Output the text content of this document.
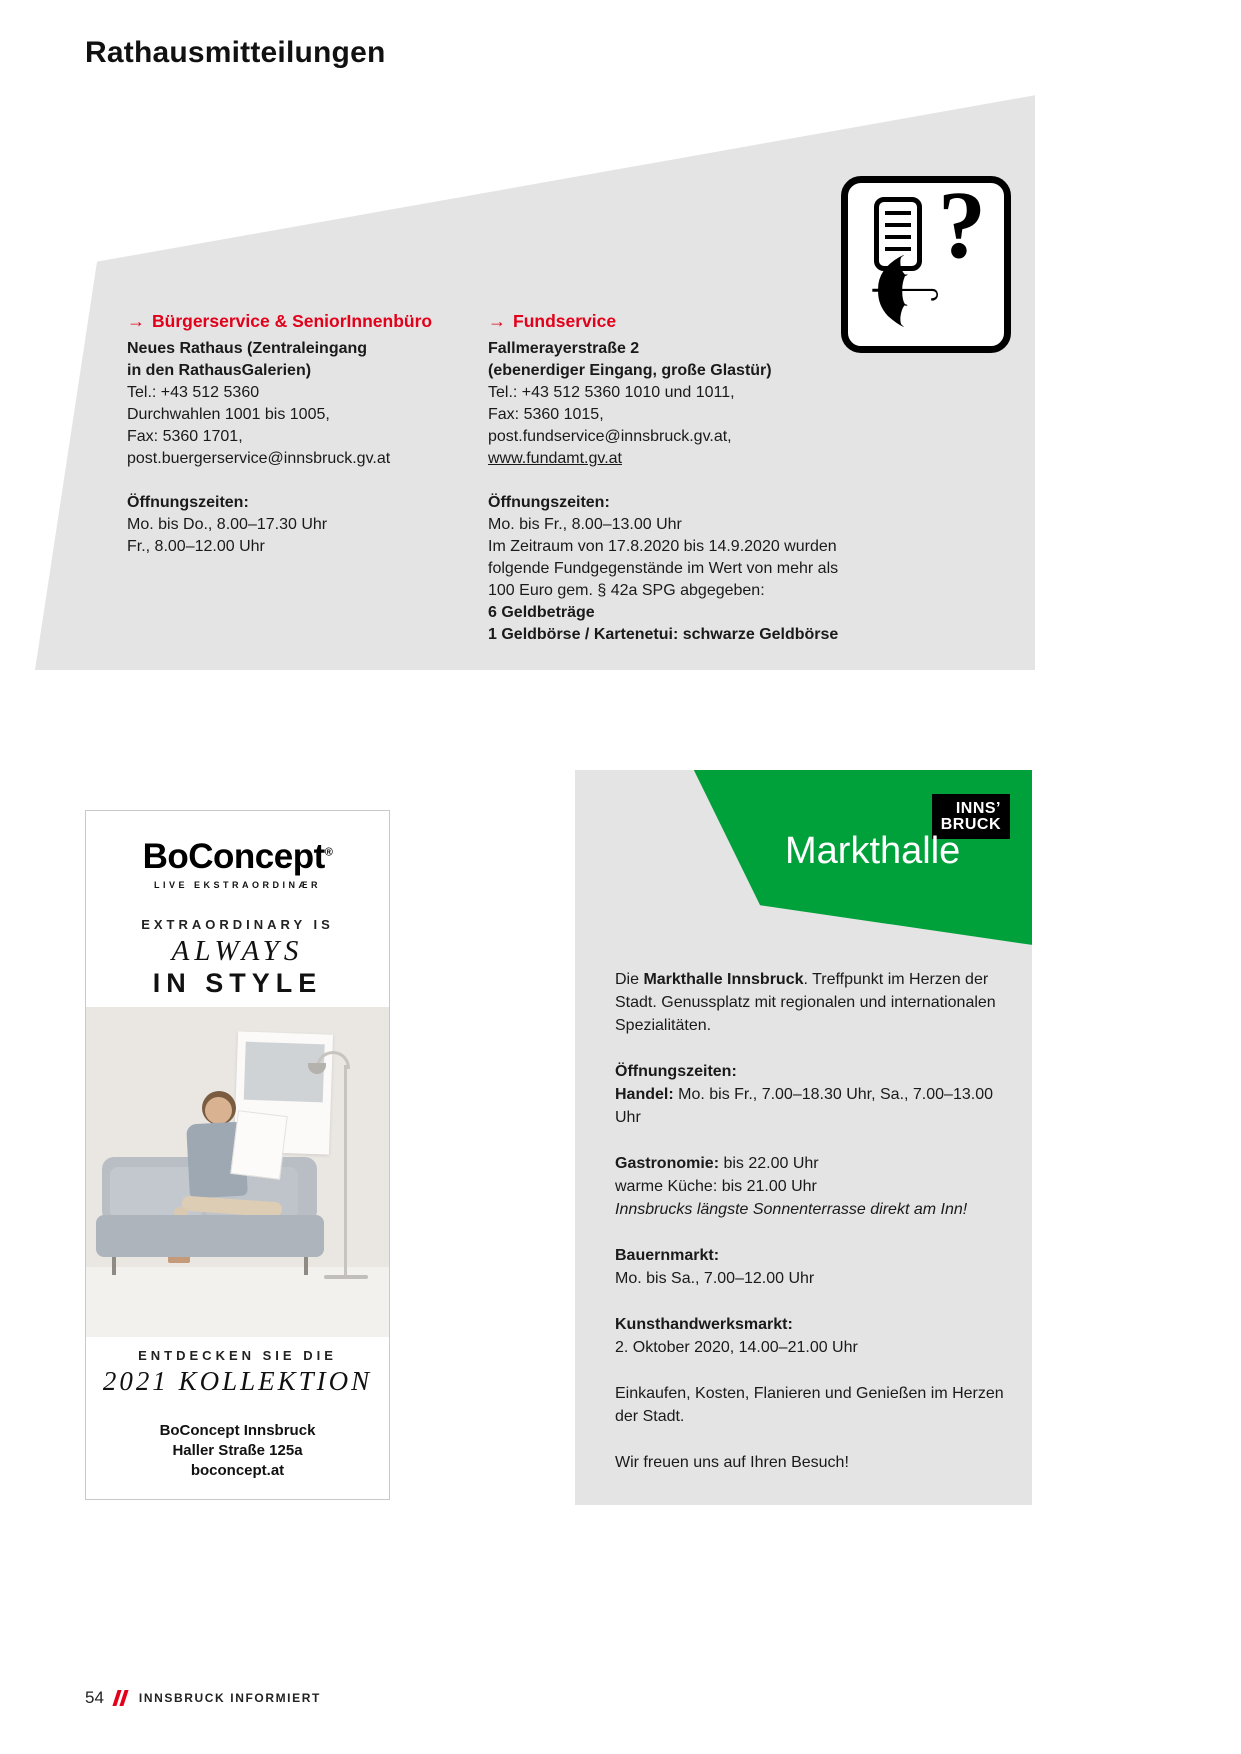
Rathausmitteilungen
→ Bürgerservice & SeniorInnenbüro
Neues Rathaus (Zentraleingang
in den RathausGalerien)
Tel.: +43 512 5360
Durchwahlen 1001 bis 1005,
Fax: 5360 1701,
post.buergerservice@innsbruck.gv.at
Öffnungszeiten:
Mo. bis Do., 8.00–17.30 Uhr
Fr., 8.00–12.00 Uhr
→ Fundservice
Fallmerayerstraße 2
(ebenerdiger Eingang, große Glastür)
Tel.: +43 512 5360 1010 und 1011,
Fax: 5360 1015,
post.fundservice@innsbruck.gv.at,
www.fundamt.gv.at
Öffnungszeiten:
Mo. bis Fr., 8.00–13.00 Uhr
Im Zeitraum von 17.8.2020 bis 14.9.2020 wurden
folgende Fundgegenstände im Wert von mehr als
100 Euro gem. § 42a SPG abgegeben:
6 Geldbeträge
1 Geldbörse / Kartenetui: schwarze Geldbörse
?
☂
BoConcept®
LIVE EKSTRAORDINÆR
EXTRAORDINARY IS
ALWAYS
IN STYLE
ENTDECKEN SIE DIE
2021 KOLLEKTION
BoConcept Innsbruck
Haller Straße 125a
boconcept.at
INNS’
BRUCK
Markthalle
Die Markthalle Innsbruck. Treffpunkt im Herzen der Stadt. Genussplatz mit regionalen und internationalen Spezialitäten.
Öffnungszeiten:
Handel: Mo. bis Fr., 7.00–18.30 Uhr, Sa., 7.00–13.00 Uhr
Gastronomie: bis 22.00 Uhr
warme Küche: bis 21.00 Uhr
Innsbrucks längste Sonnenterrasse direkt am Inn!
Bauernmarkt:
Mo. bis Sa., 7.00–12.00 Uhr
Kunsthandwerksmarkt:
2. Oktober 2020, 14.00–21.00 Uhr
Einkaufen, Kosten, Flanieren und Genießen im Herzen der Stadt.
Wir freuen uns auf Ihren Besuch!
54	INNSBRUCK INFORMIERT
